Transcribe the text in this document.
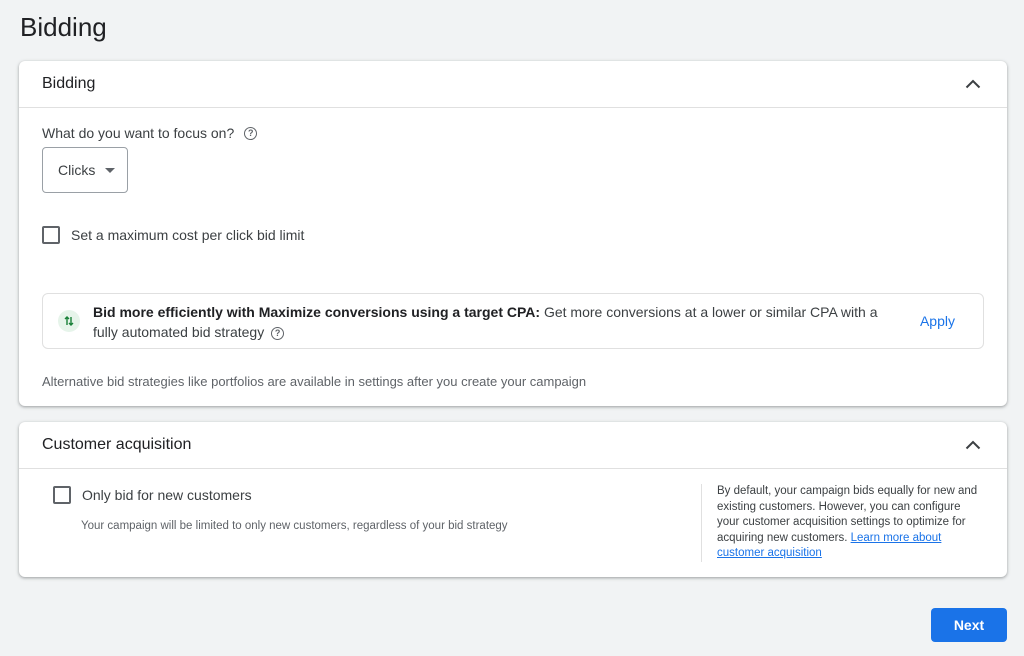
Bidding
Bidding
What do you want to focus on?	?
Clicks
Set a maximum cost per click bid limit
Bid more efficiently with Maximize conversions using a target CPA: Get more conversions at a lower or similar CPA with a fully automated bid strategy ?
Apply
Alternative bid strategies like portfolios are available in settings after you create your campaign
Customer acquisition
Only bid for new customers
Your campaign will be limited to only new customers, regardless of your bid strategy
By default, your campaign bids equally for new and existing customers. However, you can configure your customer acquisition settings to optimize for acquiring new customers. Learn more about customer acquisition
Next
